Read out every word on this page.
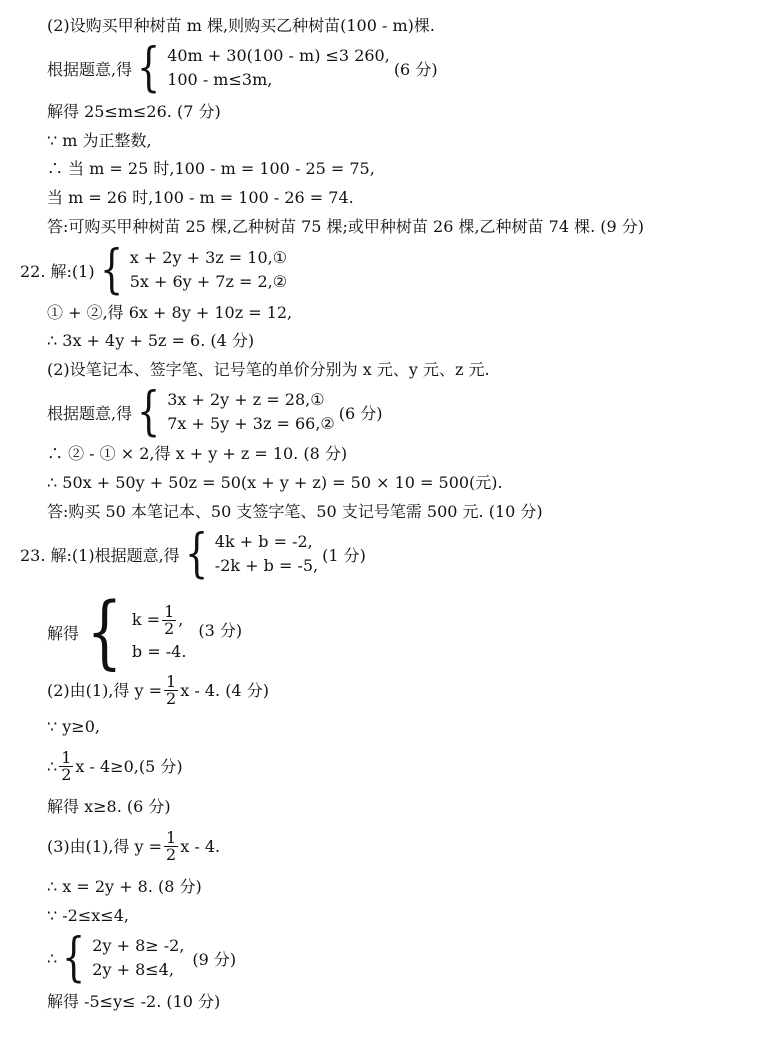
(2)设购买甲种树苗 m 棵,则购买乙种树苗(100 - m)棵.
根据题意,得 { 40m + 30(100 - m) ≤3 260,
100 - m≤3m,
(6 分)
解得 25≤m≤26. (7 分)
∵ m 为正整数,
∴ 当 m = 25 时,100 - m = 100 - 25 = 75,
当 m = 26 时,100 - m = 100 - 26 = 74.
答:可购买甲种树苗 25 棵,乙种树苗 75 棵;或甲种树苗 26 棵,乙种树苗 74 棵. (9 分)
22. 解:(1) { x + 2y + 3z = 10,①
5x + 6y + 7z = 2,②
① + ②,得 6x + 8y + 10z = 12,
∴ 3x + 4y + 5z = 6. (4 分)
(2)设笔记本、签字笔、记号笔的单价分别为 x 元、y 元、z 元.
根据题意,得 { 3x + 2y + z = 28,①
7x + 5y + 3z = 66,②
(6 分)
∴ ② - ① × 2,得 x + y + z = 10. (8 分)
∴ 50x + 50y + 50z = 50(x + y + z) = 50 × 10 = 500(元).
答:购买 50 本笔记本、50 支签字笔、50 支记号笔需 500 元. (10 分)
23. 解:(1)根据题意,得 { 4k + b = -2,
-2k + b = -5,
(1 分)
解得 { $k = \frac{1}{2}$ ,
b = -4.
(3 分)
(2)由(1),得 $y = \frac{1}{2}$ x - 4. (4 分)
∵ y≥0,
∴ $\frac{1}{2}$ x - 4≥0,(5 分)
解得 x≥8. (6 分)
(3)由(1),得 $y = \frac{1}{2}$ x - 4.
∴ x = 2y + 8. (8 分)
∵ -2≤x≤4,
∴ { 2y + 8≥ -2,
2y + 8≤4,
(9 分)
解得 -5≤y≤ -2. (10 分)
